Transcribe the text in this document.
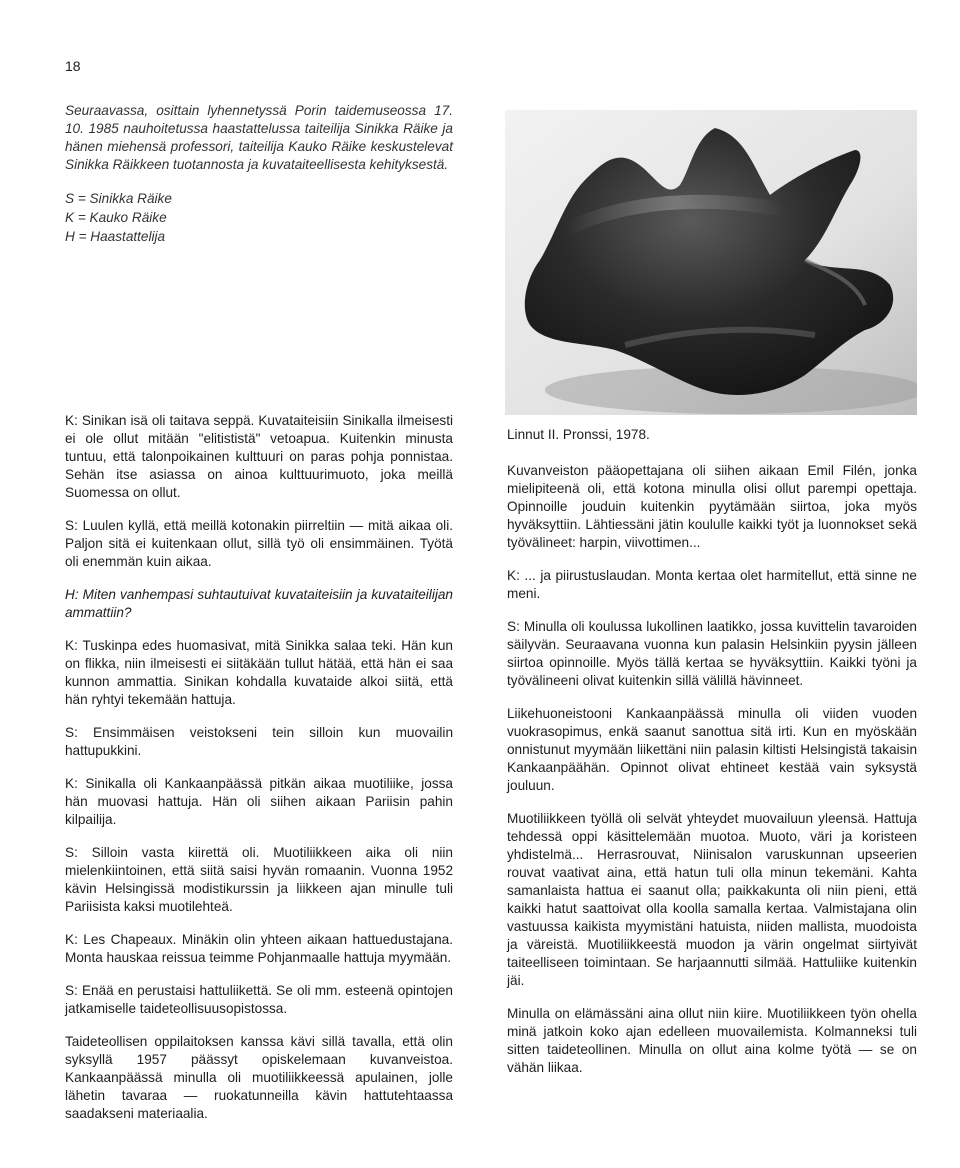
18

Seuraavassa, osittain lyhennetyssä Porin taidemuseossa 17. 10. 1985 nauhoitetussa haastattelussa taiteilija Sinikka Räike ja hänen miehensä professori, taiteilija Kauko Räike keskustelevat Sinikka Räikkeen tuotannosta ja kuvataiteellisesta kehityksestä.

S = Sinikka Räike
K = Kauko Räike
H = Haastattelija

K: Sinikan isä oli taitava seppä. Kuvataiteisiin Sinikalla ilmeisesti ei ole ollut mitään "elitististä" vetoapua. Kuitenkin minusta tuntuu, että talonpoikainen kulttuuri on paras pohja ponnistaa. Sehän itse asiassa on ainoa kulttuurimuoto, joka meillä Suomessa on ollut.

S: Luulen kyllä, että meillä kotonakin piirreltiin — mitä aikaa oli. Paljon sitä ei kuitenkaan ollut, sillä työ oli ensimmäinen. Työtä oli enemmän kuin aikaa.

H: Miten vanhempasi suhtautuivat kuvataiteisiin ja kuvataiteilijan ammattiin?

K: Tuskinpa edes huomasivat, mitä Sinikka salaa teki. Hän kun on flikka, niin ilmeisesti ei siitäkään tullut hätää, että hän ei saa kunnon ammattia. Sinikan kohdalla kuvataide alkoi siitä, että hän ryhtyi tekemään hattuja.

S: Ensimmäisen veistokseni tein silloin kun muovailin hattupukkini.

K: Sinikalla oli Kankaanpäässä pitkän aikaa muotiliike, jossa hän muovasi hattuja. Hän oli siihen aikaan Pariisin pahin kilpailija.

S: Silloin vasta kiirettä oli. Muotiliikkeen aika oli niin mielenkiintoinen, että siitä saisi hyvän romaanin. Vuonna 1952 kävin Helsingissä modistikurssin ja liikkeen ajan minulle tuli Pariisista kaksi muotilehteä.

K: Les Chapeaux. Minäkin olin yhteen aikaan hattuedustajana. Monta hauskaa reissua teimme Pohjanmaalle hattuja myymään.

S: Enää en perustaisi hattuliikettä. Se oli mm. esteenä opintojen jatkamiselle taideteollisuusopistossa.

Taideteollisen oppilaitoksen kanssa kävi sillä tavalla, että olin syksyllä 1957 päässyt opiskelemaan kuvanveistoa. Kankaanpäässä minulla oli muotiliikkeessä apulainen, jolle lähetin tavaraa — ruokatunneilla kävin hattutehtaassa saadakseni materiaalia.

Linnut II. Pronssi, 1978.

Kuvanveiston pääopettajana oli siihen aikaan Emil Filén, jonka mielipiteenä oli, että kotona minulla olisi ollut parempi opettaja. Opinnoille jouduin kuitenkin pyytämään siirtoa, joka myös hyväksyttiin. Lähtiessäni jätin koululle kaikki työt ja luonnokset sekä työvälineet: harpin, viivottimen...

K: ... ja piirustuslaudan. Monta kertaa olet harmitellut, että sinne ne meni.

S: Minulla oli koulussa lukollinen laatikko, jossa kuvittelin tavaroiden säilyvän. Seuraavana vuonna kun palasin Helsinkiin pyysin jälleen siirtoa opinnoille. Myös tällä kertaa se hyväksyttiin. Kaikki työni ja työvälineeni olivat kuitenkin sillä välillä hävinneet.

Liikehuoneistooni Kankaanpäässä minulla oli viiden vuoden vuokrasopimus, enkä saanut sanottua sitä irti. Kun en myöskään onnistunut myymään liikettäni niin palasin kiltisti Helsingistä takaisin Kankaanpäähän. Opinnot olivat ehtineet kestää vain syksystä jouluun.

Muotiliikkeen työllä oli selvät yhteydet muovailuun yleensä. Hattuja tehdessä oppi käsittelemään muotoa. Muoto, väri ja koristeen yhdistelmä... Herrasrouvat, Niinisalon varuskunnan upseerien rouvat vaativat aina, että hatun tuli olla minun tekemäni. Kahta samanlaista hattua ei saanut olla; paikkakunta oli niin pieni, että kaikki hatut saattoivat olla koolla samalla kertaa. Valmistajana olin vastuussa kaikista myymistäni hatuista, niiden mallista, muodoista ja väreistä. Muotiliikkeestä muodon ja värin ongelmat siirtyivät taiteelliseen toimintaan. Se harjaannutti silmää. Hattuliike kuitenkin jäi.

Minulla on elämässäni aina ollut niin kiire. Muotiliikkeen työn ohella minä jatkoin koko ajan edelleen muovailemista. Kolmanneksi tuli sitten taideteollinen. Minulla on ollut aina kolme työtä — se on vähän liikaa.
